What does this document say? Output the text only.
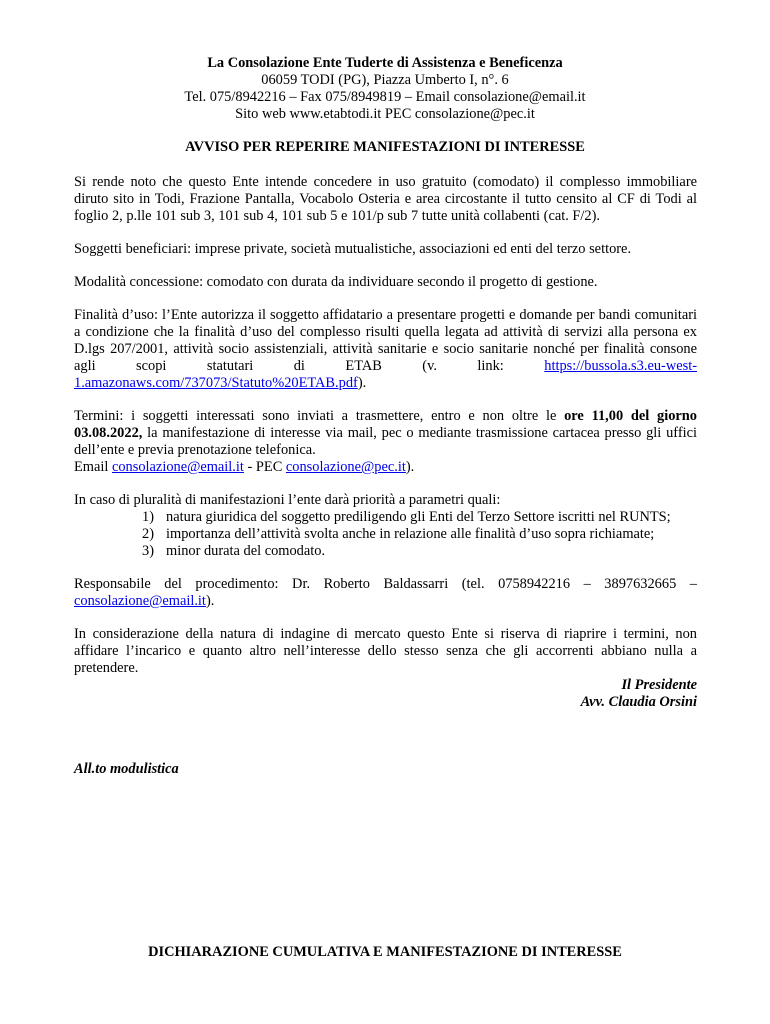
La Consolazione Ente Tuderte di Assistenza e Beneficenza
06059 TODI (PG), Piazza Umberto I, n°. 6
Tel. 075/8942216 – Fax 075/8949819 – Email consolazione@email.it
Sito web www.etabtodi.it PEC consolazione@pec.it
AVVISO PER REPERIRE MANIFESTAZIONI DI INTERESSE

Si rende noto che questo Ente intende concedere in uso gratuito (comodato) il complesso immobiliare diruto sito in Todi, Frazione Pantalla, Vocabolo Osteria e area circostante il tutto censito al CF di Todi al foglio 2, p.lle 101 sub 3, 101 sub 4, 101 sub 5 e 101/p sub 7 tutte unità collabenti (cat. F/2).

Soggetti beneficiari: imprese private, società mutualistiche, associazioni ed enti del terzo settore.

Modalità concessione: comodato con durata da individuare secondo il progetto di gestione.

Finalità d’uso: l’Ente autorizza il soggetto affidatario a presentare progetti e domande per bandi comunitari a condizione che la finalità d’uso del complesso risulti quella legata ad attività di servizi alla persona ex D.lgs 207/2001, attività socio assistenziali, attività sanitarie e socio sanitarie nonché per finalità consone agli scopi statutari di ETAB (v. link: https://bussola.s3.eu-west-1.amazonaws.com/737073/Statuto%20ETAB.pdf).

Termini: i soggetti interessati sono inviati a trasmettere, entro e non oltre le ore 11,00 del giorno 03.08.2022, la manifestazione di interesse via mail, pec o mediante trasmissione cartacea presso gli uffici dell’ente e previa prenotazione telefonica.
Email consolazione@email.it - PEC consolazione@pec.it).

In caso di pluralità di manifestazioni l’ente darà priorità a parametri quali:
1) natura giuridica del soggetto prediligendo gli Enti del Terzo Settore iscritti nel RUNTS;
2) importanza dell’attività svolta anche in relazione alle finalità d’uso sopra richiamate;
3) minor durata del comodato.

Responsabile del procedimento: Dr. Roberto Baldassarri (tel. 0758942216 – 3897632665 – consolazione@email.it).

In considerazione della natura di indagine di mercato questo Ente si riserva di riaprire i termini, non affidare l’incarico e quanto altro nell’interesse dello stesso senza che gli accorrenti abbiano nulla a pretendere.

Il Presidente
Avv. Claudia Orsini
All.to modulistica
DICHIARAZIONE CUMULATIVA E MANIFESTAZIONE DI INTERESSE
